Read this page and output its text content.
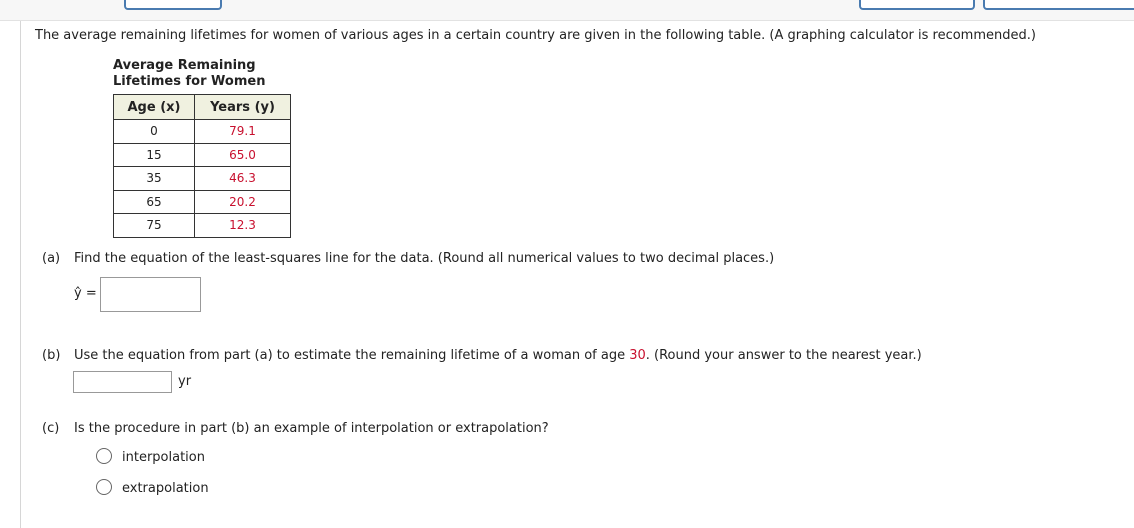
The average remaining lifetimes for women of various ages in a certain country are given in the following table. (A graphing calculator is recommended.)
Average Remaining
Lifetimes for Women
Age (x)	Years (y)
0	79.1
15	65.0
35	46.3
65	20.2
75	12.3
(a) Find the equation of the least-squares line for the data. (Round all numerical values to two decimal places.)
ŷ =
(b) Use the equation from part (a) to estimate the remaining lifetime of a woman of age 30. (Round your answer to the nearest year.)
yr
(c) Is the procedure in part (b) an example of interpolation or extrapolation?
interpolation
extrapolation
